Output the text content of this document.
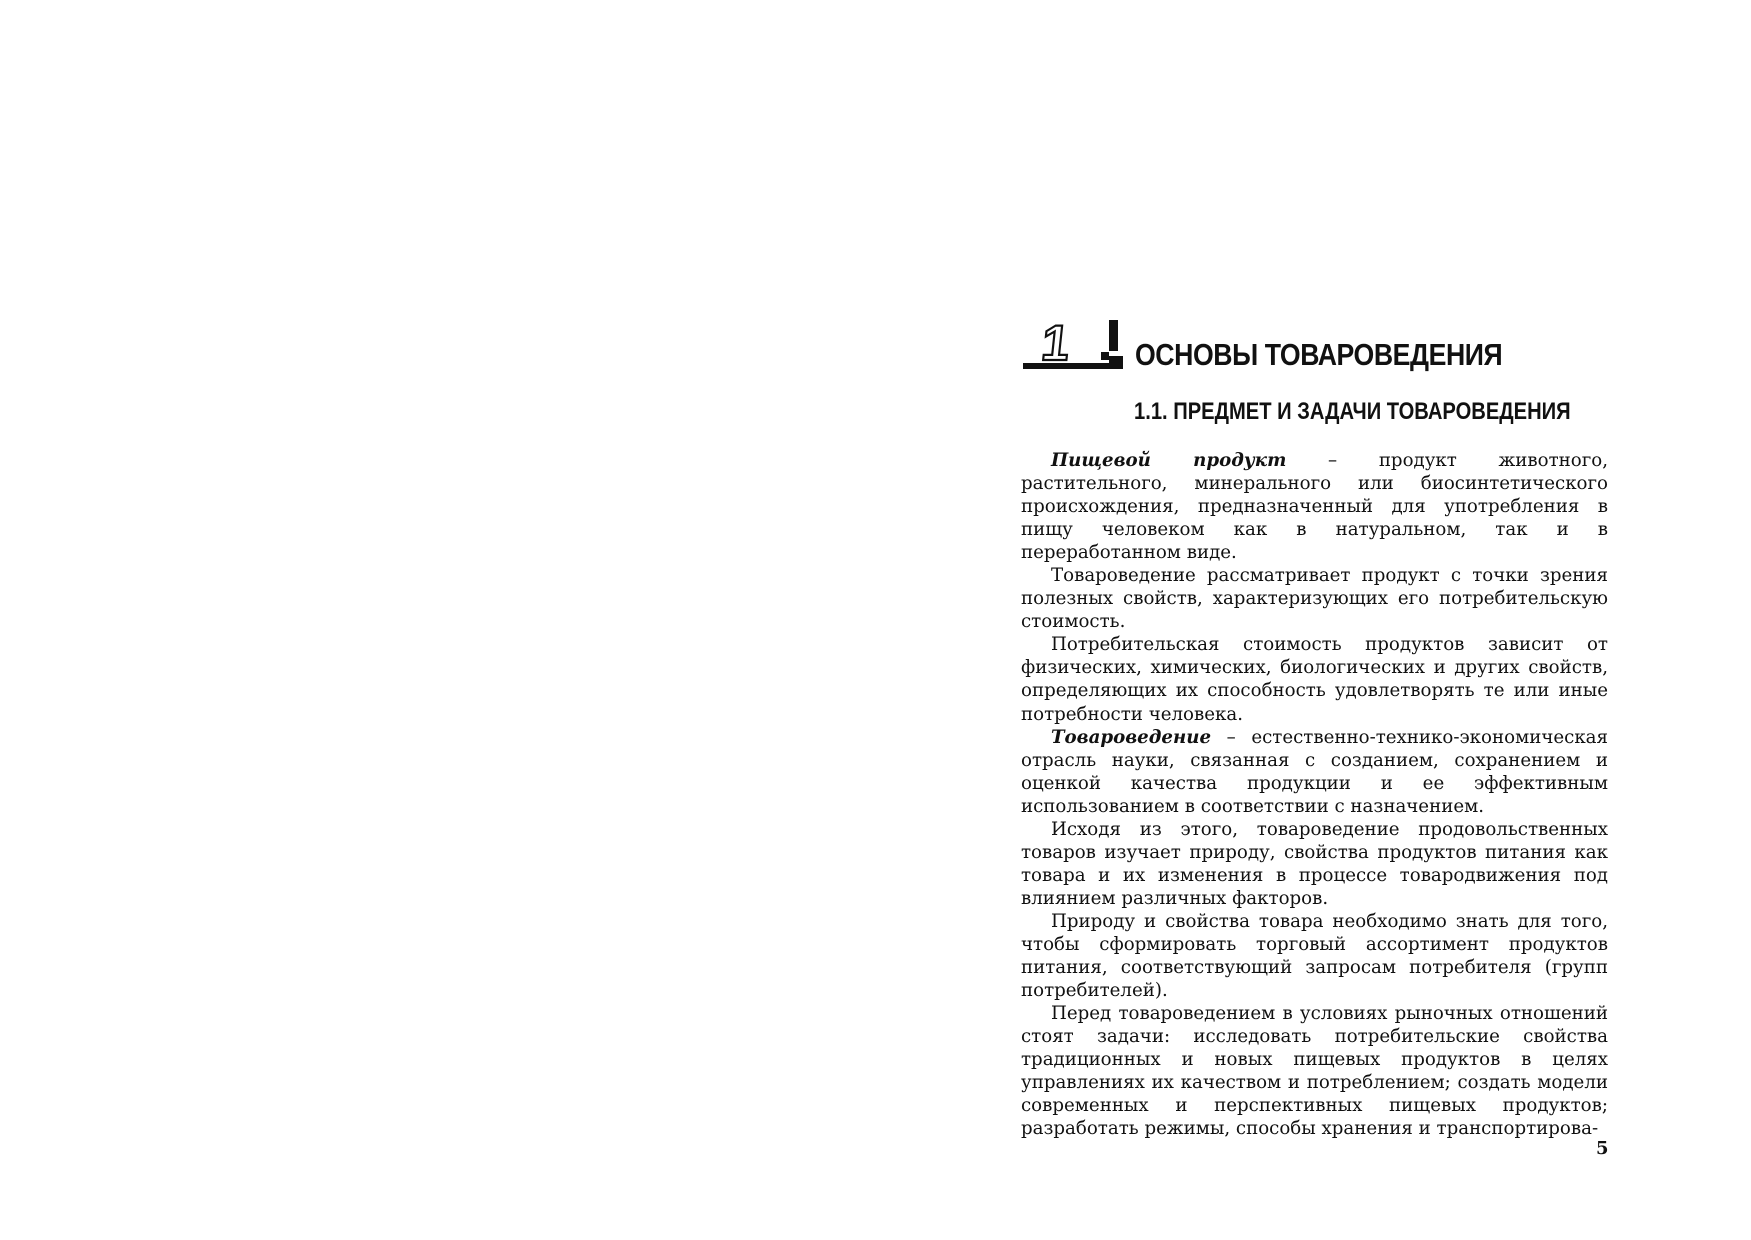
1 ОСНОВЫ ТОВАРОВЕДЕНИЯ
1.1. ПРЕДМЕТ И ЗАДАЧИ ТОВАРОВЕДЕНИЯ

Пищевой продукт – продукт животного, растительного, минерального или биосинтетического происхождения, предназначенный для употребления в пищу человеком как в натуральном, так и в переработанном виде.

Товароведение рассматривает продукт с точки зрения полезных свойств, характеризующих его потребительскую стоимость.

Потребительская стоимость продуктов зависит от физических, химических, биологических и других свойств, определяющих их способность удовлетворять те или иные потребности человека.

Товароведение – естественно-технико-экономическая отрасль науки, связанная с созданием, сохранением и оценкой качества продукции и ее эффективным использованием в соответствии с назначением.

Исходя из этого, товароведение продовольственных товаров изучает природу, свойства продуктов питания как товара и их изменения в процессе товародвижения под влиянием различных факторов.

Природу и свойства товара необходимо знать для того, чтобы сформировать торговый ассортимент продуктов питания, соответствующий запросам потребителя (групп потребителей).

Перед товароведением в условиях рыночных отношений стоят задачи: исследовать потребительские свойства традиционных и новых пищевых продуктов в целях управлениях их качеством и потреблением; создать модели современных и перспективных пищевых продуктов; разработать режимы, способы хранения и транспортирова-

5
